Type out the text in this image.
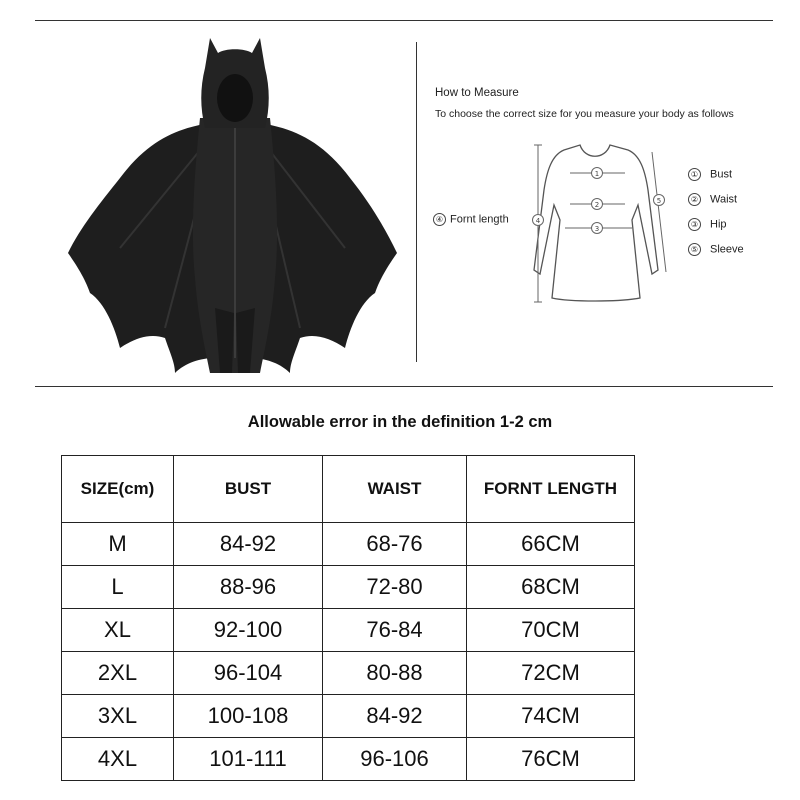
1
2
3
4
5
How to Measure
To choose the correct size for you measure your body as follows
④ Fornt length
① Bust
② Waist
③ Hip
⑤ Sleeve
Allowable error in the definition 1-2 cm
SIZE(cm)	BUST	WAIST	FORNT LENGTH
M	84-92	68-76	66CM
L	88-96	72-80	68CM
XL	92-100	76-84	70CM
2XL	96-104	80-88	72CM
3XL	100-108	84-92	74CM
4XL	101-111	96-106	76CM
